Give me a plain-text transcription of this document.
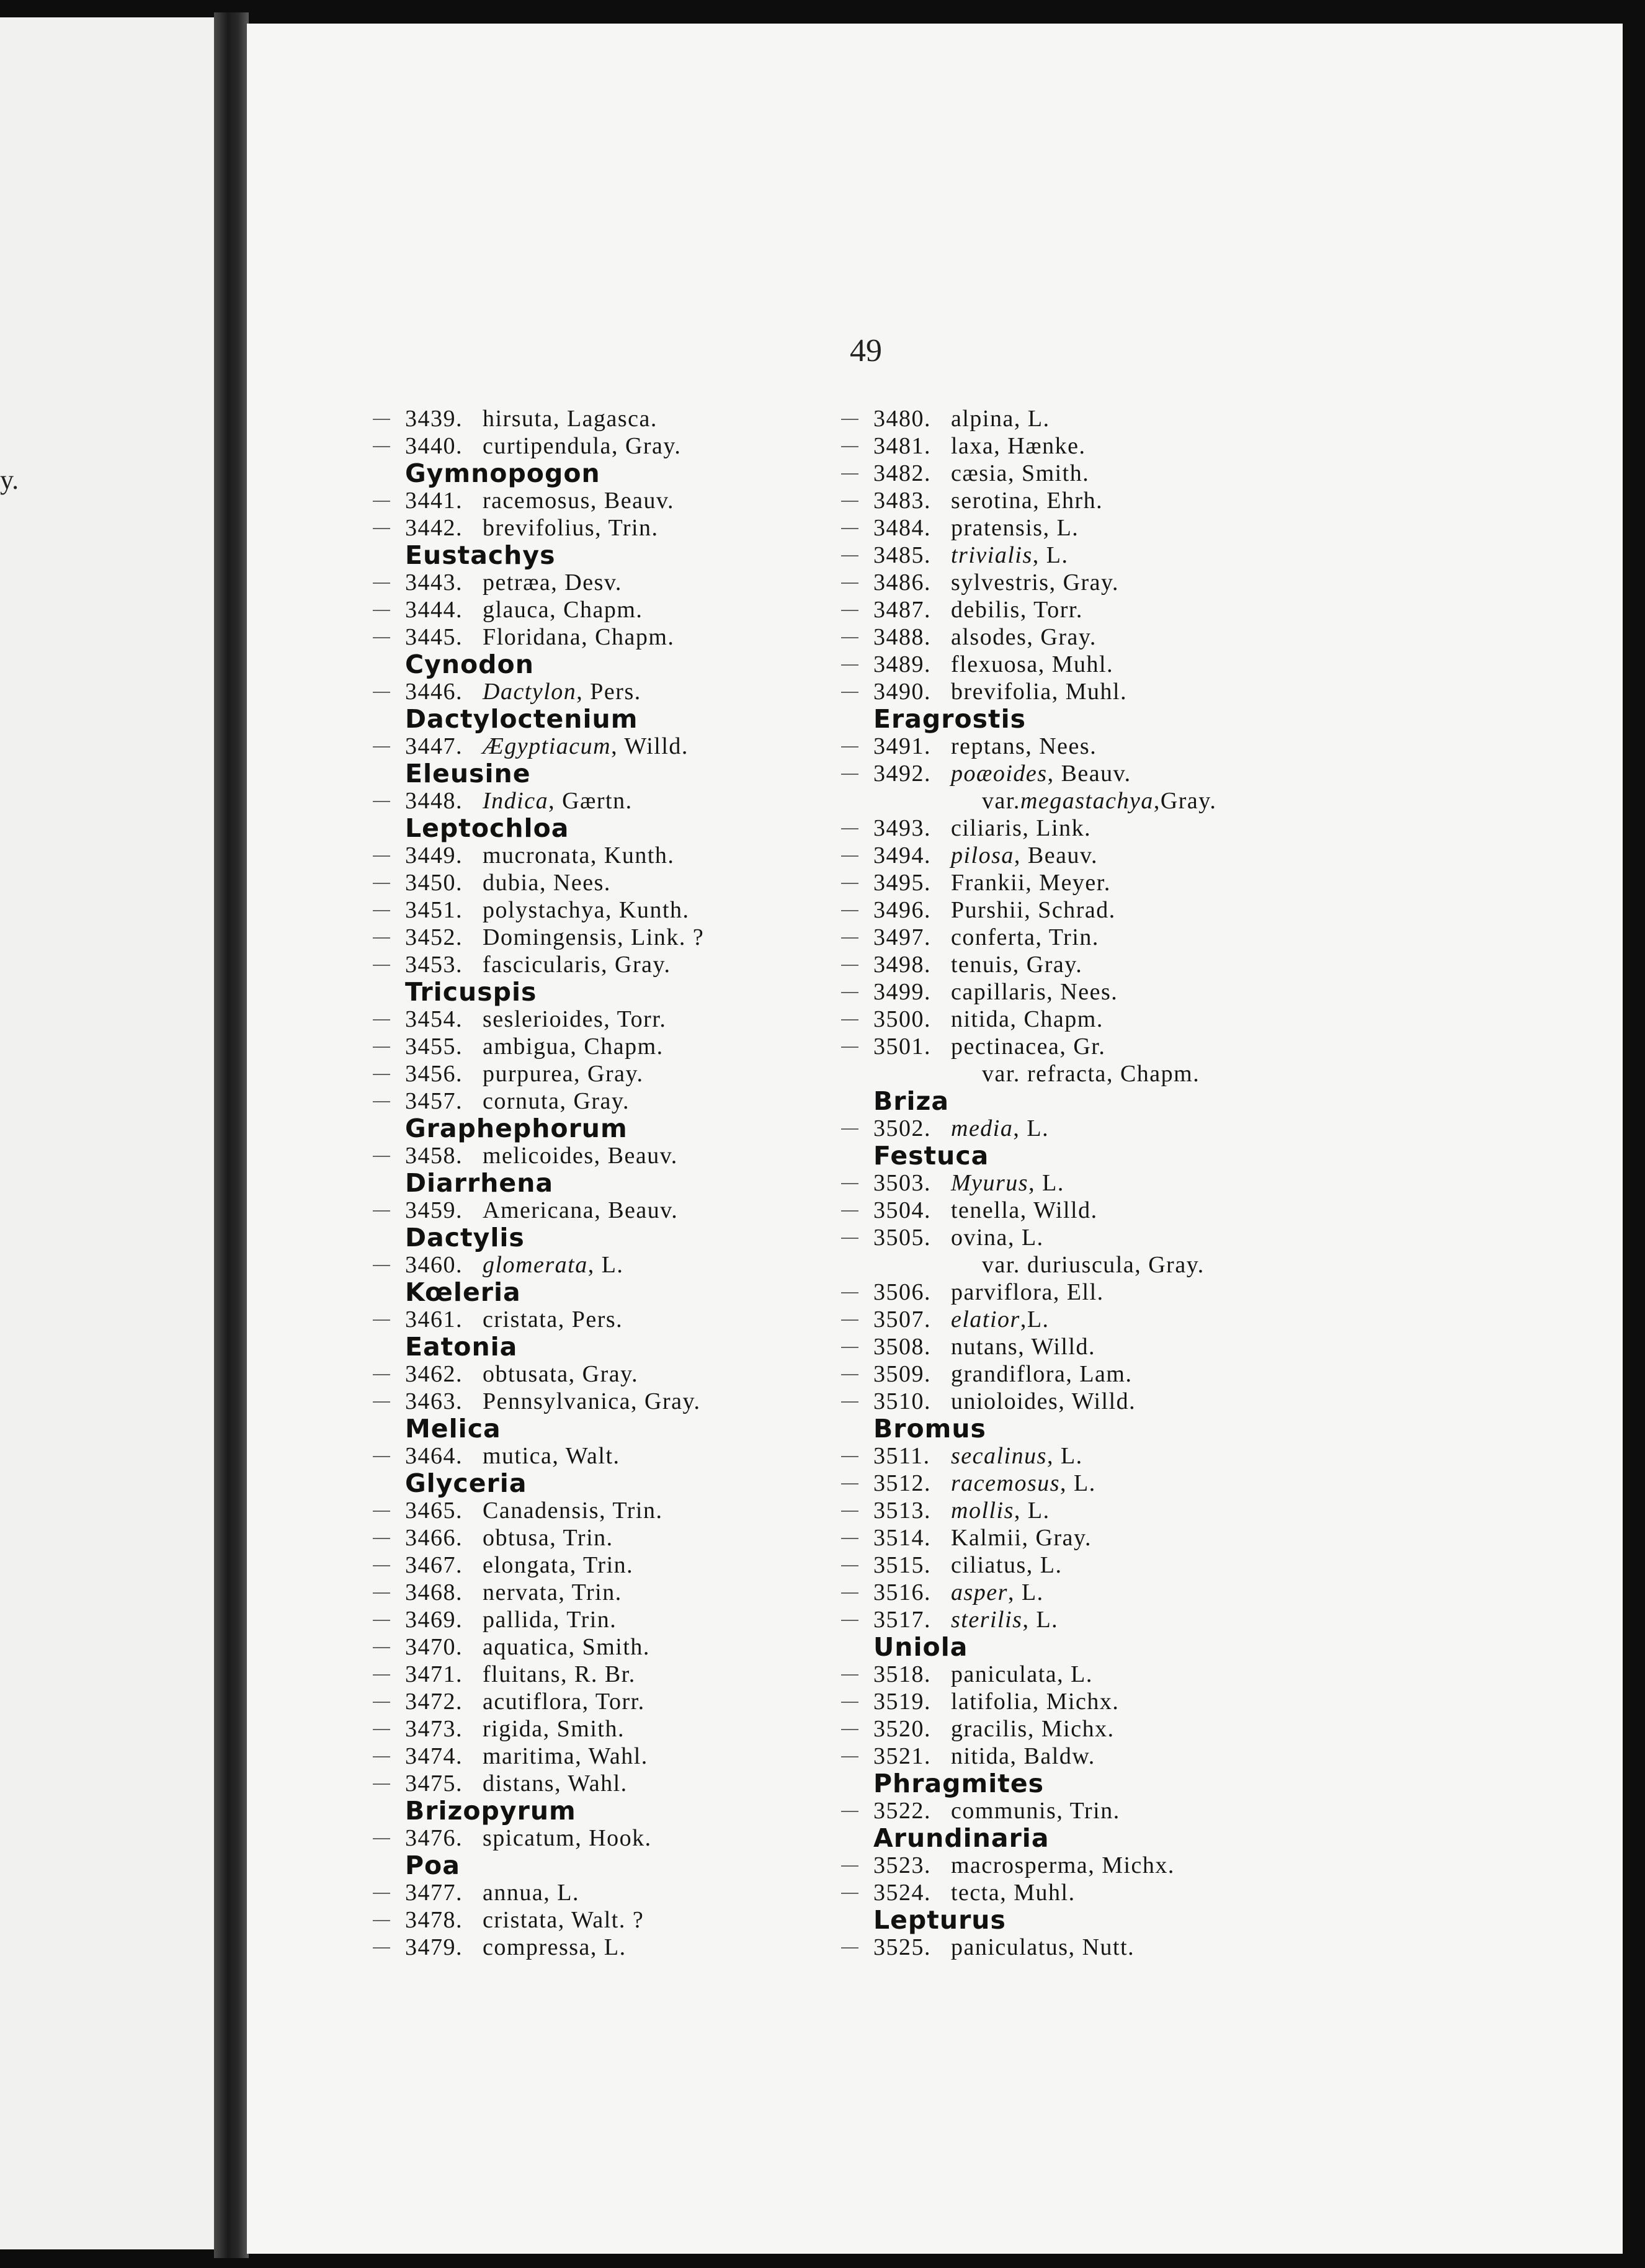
y.
49
3439. hirsuta, Lagasca.
3440. curtipendula, Gray.
Gymnopogon
3441. racemosus, Beauv.
3442. brevifolius, Trin.
Eustachys
3443. petræa, Desv.
3444. glauca, Chapm.
3445. Floridana, Chapm.
Cynodon
3446. Dactylon, Pers.
Dactyloctenium
3447. Ægyptiacum, Willd.
Eleusine
3448. Indica, Gærtn.
Leptochloa
3449. mucronata, Kunth.
3450. dubia, Nees.
3451. polystachya, Kunth.
3452. Domingensis, Link. ?
3453. fascicularis, Gray.
Tricuspis
3454. seslerioides, Torr.
3455. ambigua, Chapm.
3456. purpurea, Gray.
3457. cornuta, Gray.
Graphephorum
3458. melicoides, Beauv.
Diarrhena
3459. Americana, Beauv.
Dactylis
3460. glomerata, L.
Kœleria
3461. cristata, Pers.
Eatonia
3462. obtusata, Gray.
3463. Pennsylvanica, Gray.
Melica
3464. mutica, Walt.
Glyceria
3465. Canadensis, Trin.
3466. obtusa, Trin.
3467. elongata, Trin.
3468. nervata, Trin.
3469. pallida, Trin.
3470. aquatica, Smith.
3471. fluitans, R. Br.
3472. acutiflora, Torr.
3473. rigida, Smith.
3474. maritima, Wahl.
3475. distans, Wahl.
Brizopyrum
3476. spicatum, Hook.
Poa
3477. annua, L.
3478. cristata, Walt. ?
3479. compressa, L.
3480. alpina, L.
3481. laxa, Hænke.
3482. cæsia, Smith.
3483. serotina, Ehrh.
3484. pratensis, L.
3485. trivialis, L.
3486. sylvestris, Gray.
3487. debilis, Torr.
3488. alsodes, Gray.
3489. flexuosa, Muhl.
3490. brevifolia, Muhl.
Eragrostis
3491. reptans, Nees.
3492. poæoides, Beauv.
var.megastachya,Gray.
3493. ciliaris, Link.
3494. pilosa, Beauv.
3495. Frankii, Meyer.
3496. Purshii, Schrad.
3497. conferta, Trin.
3498. tenuis, Gray.
3499. capillaris, Nees.
3500. nitida, Chapm.
3501. pectinacea, Gr.
var. refracta, Chapm.
Briza
3502. media, L.
Festuca
3503. Myurus, L.
3504. tenella, Willd.
3505. ovina, L.
var. duriuscula, Gray.
3506. parviflora, Ell.
3507. elatior,L.
3508. nutans, Willd.
3509. grandiflora, Lam.
3510. unioloides, Willd.
Bromus
3511. secalinus, L.
3512. racemosus, L.
3513. mollis, L.
3514. Kalmii, Gray.
3515. ciliatus, L.
3516. asper, L.
3517. sterilis, L.
Uniola
3518. paniculata, L.
3519. latifolia, Michx.
3520. gracilis, Michx.
3521. nitida, Baldw.
Phragmites
3522. communis, Trin.
Arundinaria
3523. macrosperma, Michx.
3524. tecta, Muhl.
Lepturus
3525. paniculatus, Nutt.
